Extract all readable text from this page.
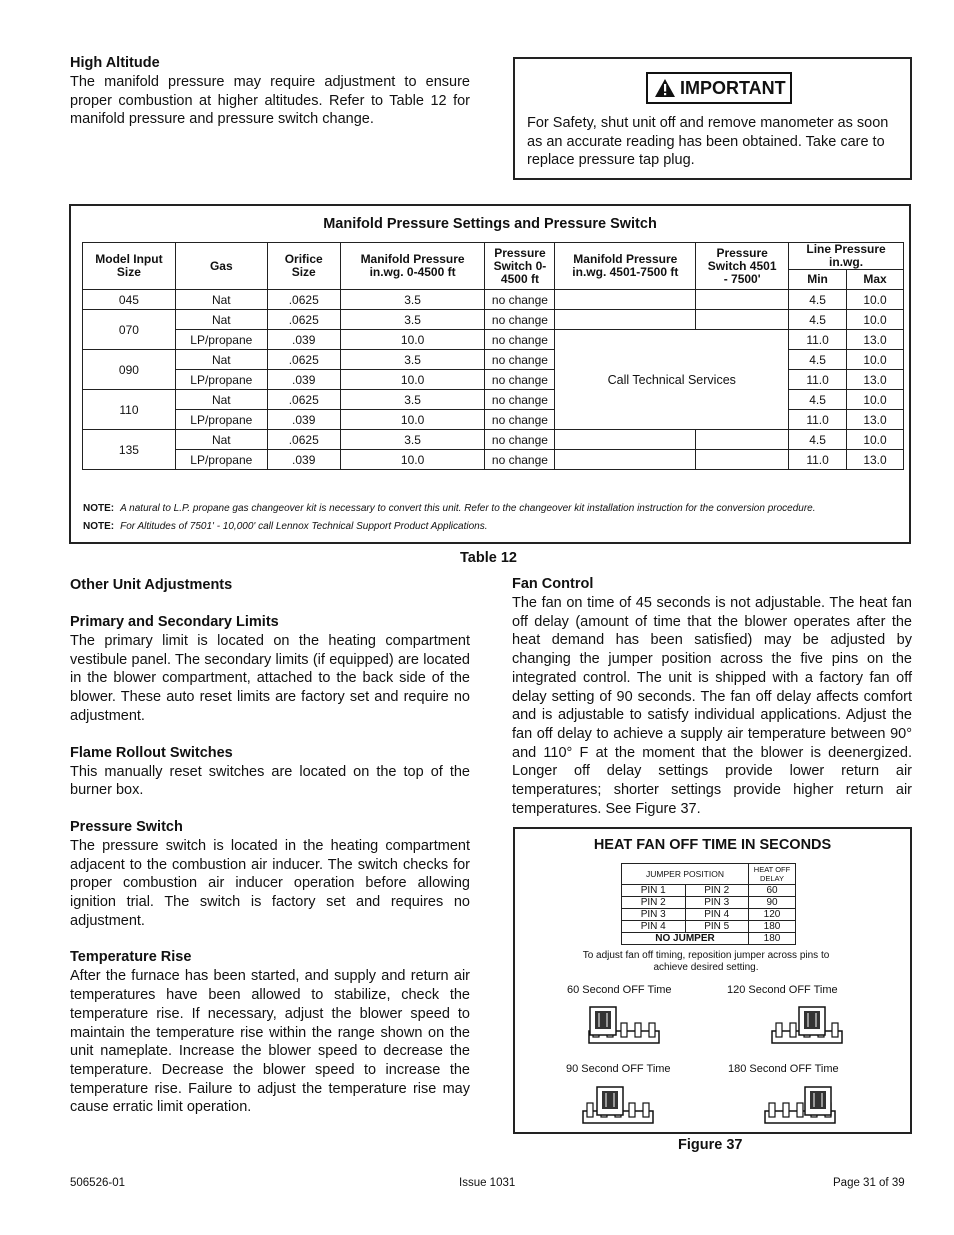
High Altitude
The manifold pressure may require adjustment to ensure proper combustion at higher altitudes. Refer to Table 12 for manifold pressure and pressure switch change.
IMPORTANT
For Safety, shut unit off and remove manometer as soon as an accurate reading has been obtained. Take care to replace pressure tap plug.
Manifold Pressure Settings and Pressure Switch
Model Input Size	Gas	Orifice Size	Manifold Pressure in.wg. 0-4500 ft	Pressure Switch 0-4500 ft	Manifold Pressure in.wg. 4501-7500 ft	Pressure Switch 4501 - 7500'	Line Pressure in.wg.	
							Min	Max
045	Nat	.0625	3.5	no change			4.5	10.0
070	Nat	.0625	3.5	no change			4.5	10.0
	LP/propane	.039	10.0	no change	Call Technical Services		11.0	13.0
090	Nat	.0625	3.5	no change			4.5	10.0
	LP/propane	.039	10.0	no change			11.0	13.0
110	Nat	.0625	3.5	no change			4.5	10.0
	LP/propane	.039	10.0	no change			11.0	13.0
135	Nat	.0625	3.5	no change			4.5	10.0
	LP/propane	.039	10.0	no change			11.0	13.0
NOTE: A natural to L.P. propane gas changeover kit is necessary to convert this unit. Refer to the changeover kit installation instruction for the conversion procedure.
NOTE: For Altitudes of 7501' - 10,000' call Lennox Technical Support Product Applications.
Table 12
Other Unit Adjustments
Primary and Secondary Limits
The primary limit is located on the heating compartment vestibule panel. The secondary limits (if equipped) are located in the blower compartment, attached to the back side of the blower. These auto reset limits are factory set and require no adjustment.
Flame Rollout Switches
This manually reset switches are located on the top of the burner box.
Pressure Switch
The pressure switch is located in the heating compartment adjacent to the combustion air inducer. The switch checks for proper combustion air inducer operation before allowing ignition trial. The switch is factory set and requires no adjustment.
Temperature Rise
After the furnace has been started, and supply and return air temperatures have been allowed to stabilize, check the temperature rise. If necessary, adjust the blower speed to maintain the temperature rise within the range shown on the unit nameplate. Increase the blower speed to decrease the temperature. Decrease the blower speed to increase the temperature rise. Failure to adjust the temperature rise may cause erratic limit operation.
Fan Control
The fan on time of 45 seconds is not adjustable. The heat fan off delay (amount of time that the blower operates after the heat demand has been satisfied) may be adjusted by changing the jumper position across the five pins on the integrated control. The unit is shipped with a factory fan off delay setting of 90 seconds. The fan off delay affects comfort and is adjustable to satisfy individual applications. Adjust the fan off delay to achieve a supply air temperature between 90° and 110° F at the moment that the blower is deenergized. Longer off delay settings provide lower return air temperatures; shorter settings provide higher return air temperatures. See Figure 37.
HEAT FAN OFF TIME IN SECONDS
JUMPER POSITION		HEAT OFF DELAY
PIN 1	PIN 2	60
PIN 2	PIN 3	90
PIN 3	PIN 4	120
PIN 4	PIN 5	180
NO JUMPER		180
To adjust fan off timing, reposition jumper across pins to achieve desired setting.
60 Second OFF Time	120 Second OFF Time
90 Second OFF Time	180 Second OFF Time
Figure 37
506526-01	Issue 1031	Page 31 of 39
